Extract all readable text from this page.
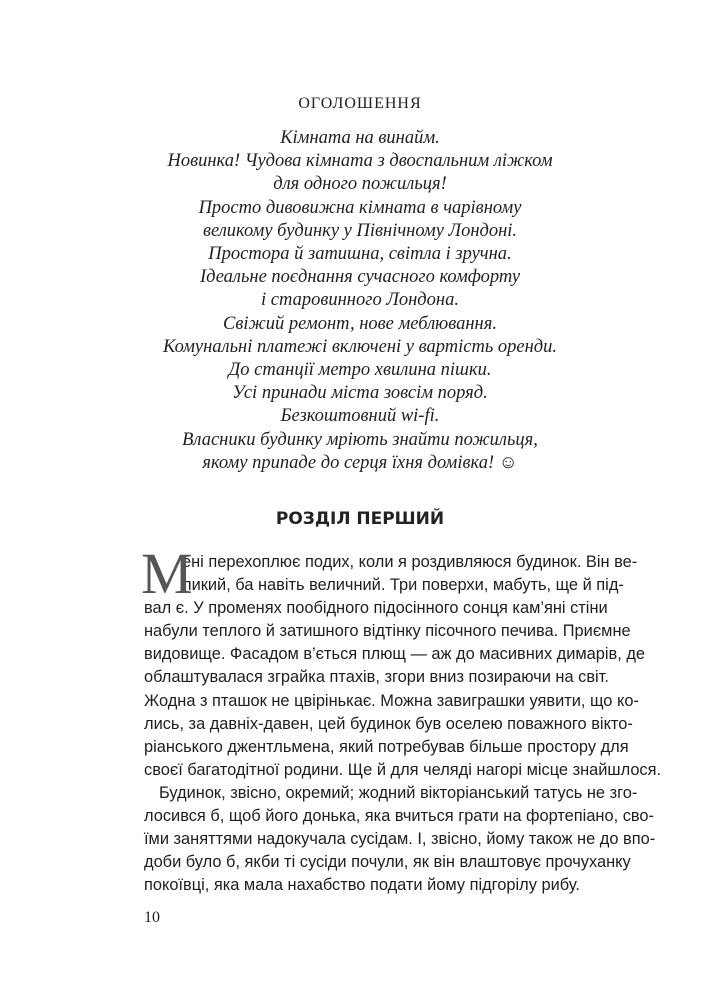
ОГОЛОШЕННЯ
Кімната на винайм.
Новинка! Чудова кімната з двоспальним ліжком
для одного пожильця!
Просто дивовижна кімната в чарівному
великому будинку у Північному Лондоні.
Простора й затишна, світла і зручна.
Ідеальне поєднання сучасного комфорту
і старовинного Лондона.
Свіжий ремонт, нове меблювання.
Комунальні платежі включені у вартість оренди.
До станції метро хвилина пішки.
Усі принади міста зовсім поряд.
Безкоштовний wi-fi.
Власники будинку мріють знайти пожильця,
якому припаде до серця їхня домівка! ☺
РОЗДІЛ ПЕРШИЙ
М
ені перехоплює подих, коли я роздивляюся будинок. Він ве-
ликий, ба навіть величний. Три поверхи, мабуть, ще й під-
вал є. У променях пообідного підосінного сонця кам’яні стіни
набули теплого й затишного відтінку пісочного печива. Приємне
видовище. Фасадом в’ється плющ — аж до масивних димарів, де
облаштувалася зграйка птахів, згори вниз позираючи на світ.
Жодна з пташок не цвірінькає. Можна завиграшки уявити, що ко-
лись, за давніх-давен, цей будинок був оселею поважного вікто-
ріанського джентльмена, який потребував більше простору для
своєї багатодітної родини. Ще й для челяді нагорі місце знайшлося.
Будинок, звісно, окремий; жодний вікторіанський татусь не зго-
лосився б, щоб його донька, яка вчиться грати на фортепіано, сво-
їми заняттями надокучала сусідам. І, звісно, йому також не до впо-
доби було б, якби ті сусіди почули, як він влаштовує прочуханку
покоївці, яка мала нахабство подати йому підгорілу рибу.
10
